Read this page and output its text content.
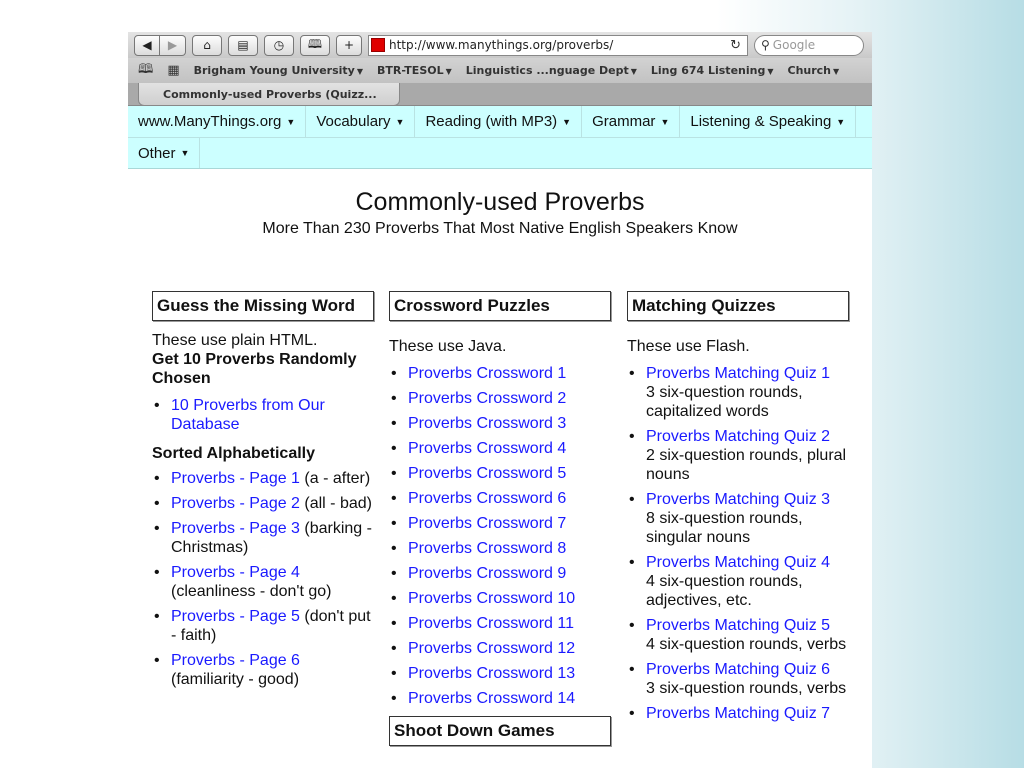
◀ ▶ ⌂ ▤ ◷ 🕮 +	http://www.manythings.org/proverbs/	↻ ⚲ Google
🕮 ▦ Brigham Young University ▼ BTR-TESOL ▼ Linguistics ...nguage Dept ▼ Ling 674 Listening ▼ Church ▼
Commonly-used Proverbs (Quizz...
www.ManyThings.org ▼ Vocabulary ▼ Reading (with MP3) ▼ Grammar ▼ Listening & Speaking ▼
Other ▼
Commonly-used Proverbs
More Than 230 Proverbs That Most Native English Speakers Know
Guess the Missing Word

These use plain HTML.
Get 10 Proverbs Randomly Chosen

• 10 Proverbs from Our Database
Sorted Alphabetically
• Proverbs - Page 1 (a - after)
• Proverbs - Page 2 (all - bad)
• Proverbs - Page 3 (barking - Christmas)
• Proverbs - Page 4 (cleanliness - don't go)
• Proverbs - Page 5 (don't put - faith)
• Proverbs - Page 6 (familiarity - good)
Crossword Puzzles

These use Java.

• Proverbs Crossword 1
• Proverbs Crossword 2
• Proverbs Crossword 3
• Proverbs Crossword 4
• Proverbs Crossword 5
• Proverbs Crossword 6
• Proverbs Crossword 7
• Proverbs Crossword 8
• Proverbs Crossword 9
• Proverbs Crossword 10
• Proverbs Crossword 11
• Proverbs Crossword 12
• Proverbs Crossword 13
• Proverbs Crossword 14
Shoot Down Games
Matching Quizzes

These use Flash.

• Proverbs Matching Quiz 1
3 six-question rounds, capitalized words
• Proverbs Matching Quiz 2
2 six-question rounds, plural nouns
• Proverbs Matching Quiz 3
8 six-question rounds, singular nouns
• Proverbs Matching Quiz 4
4 six-question rounds, adjectives, etc.
• Proverbs Matching Quiz 5
4 six-question rounds, verbs
• Proverbs Matching Quiz 6
3 six-question rounds, verbs
• Proverbs Matching Quiz 7
